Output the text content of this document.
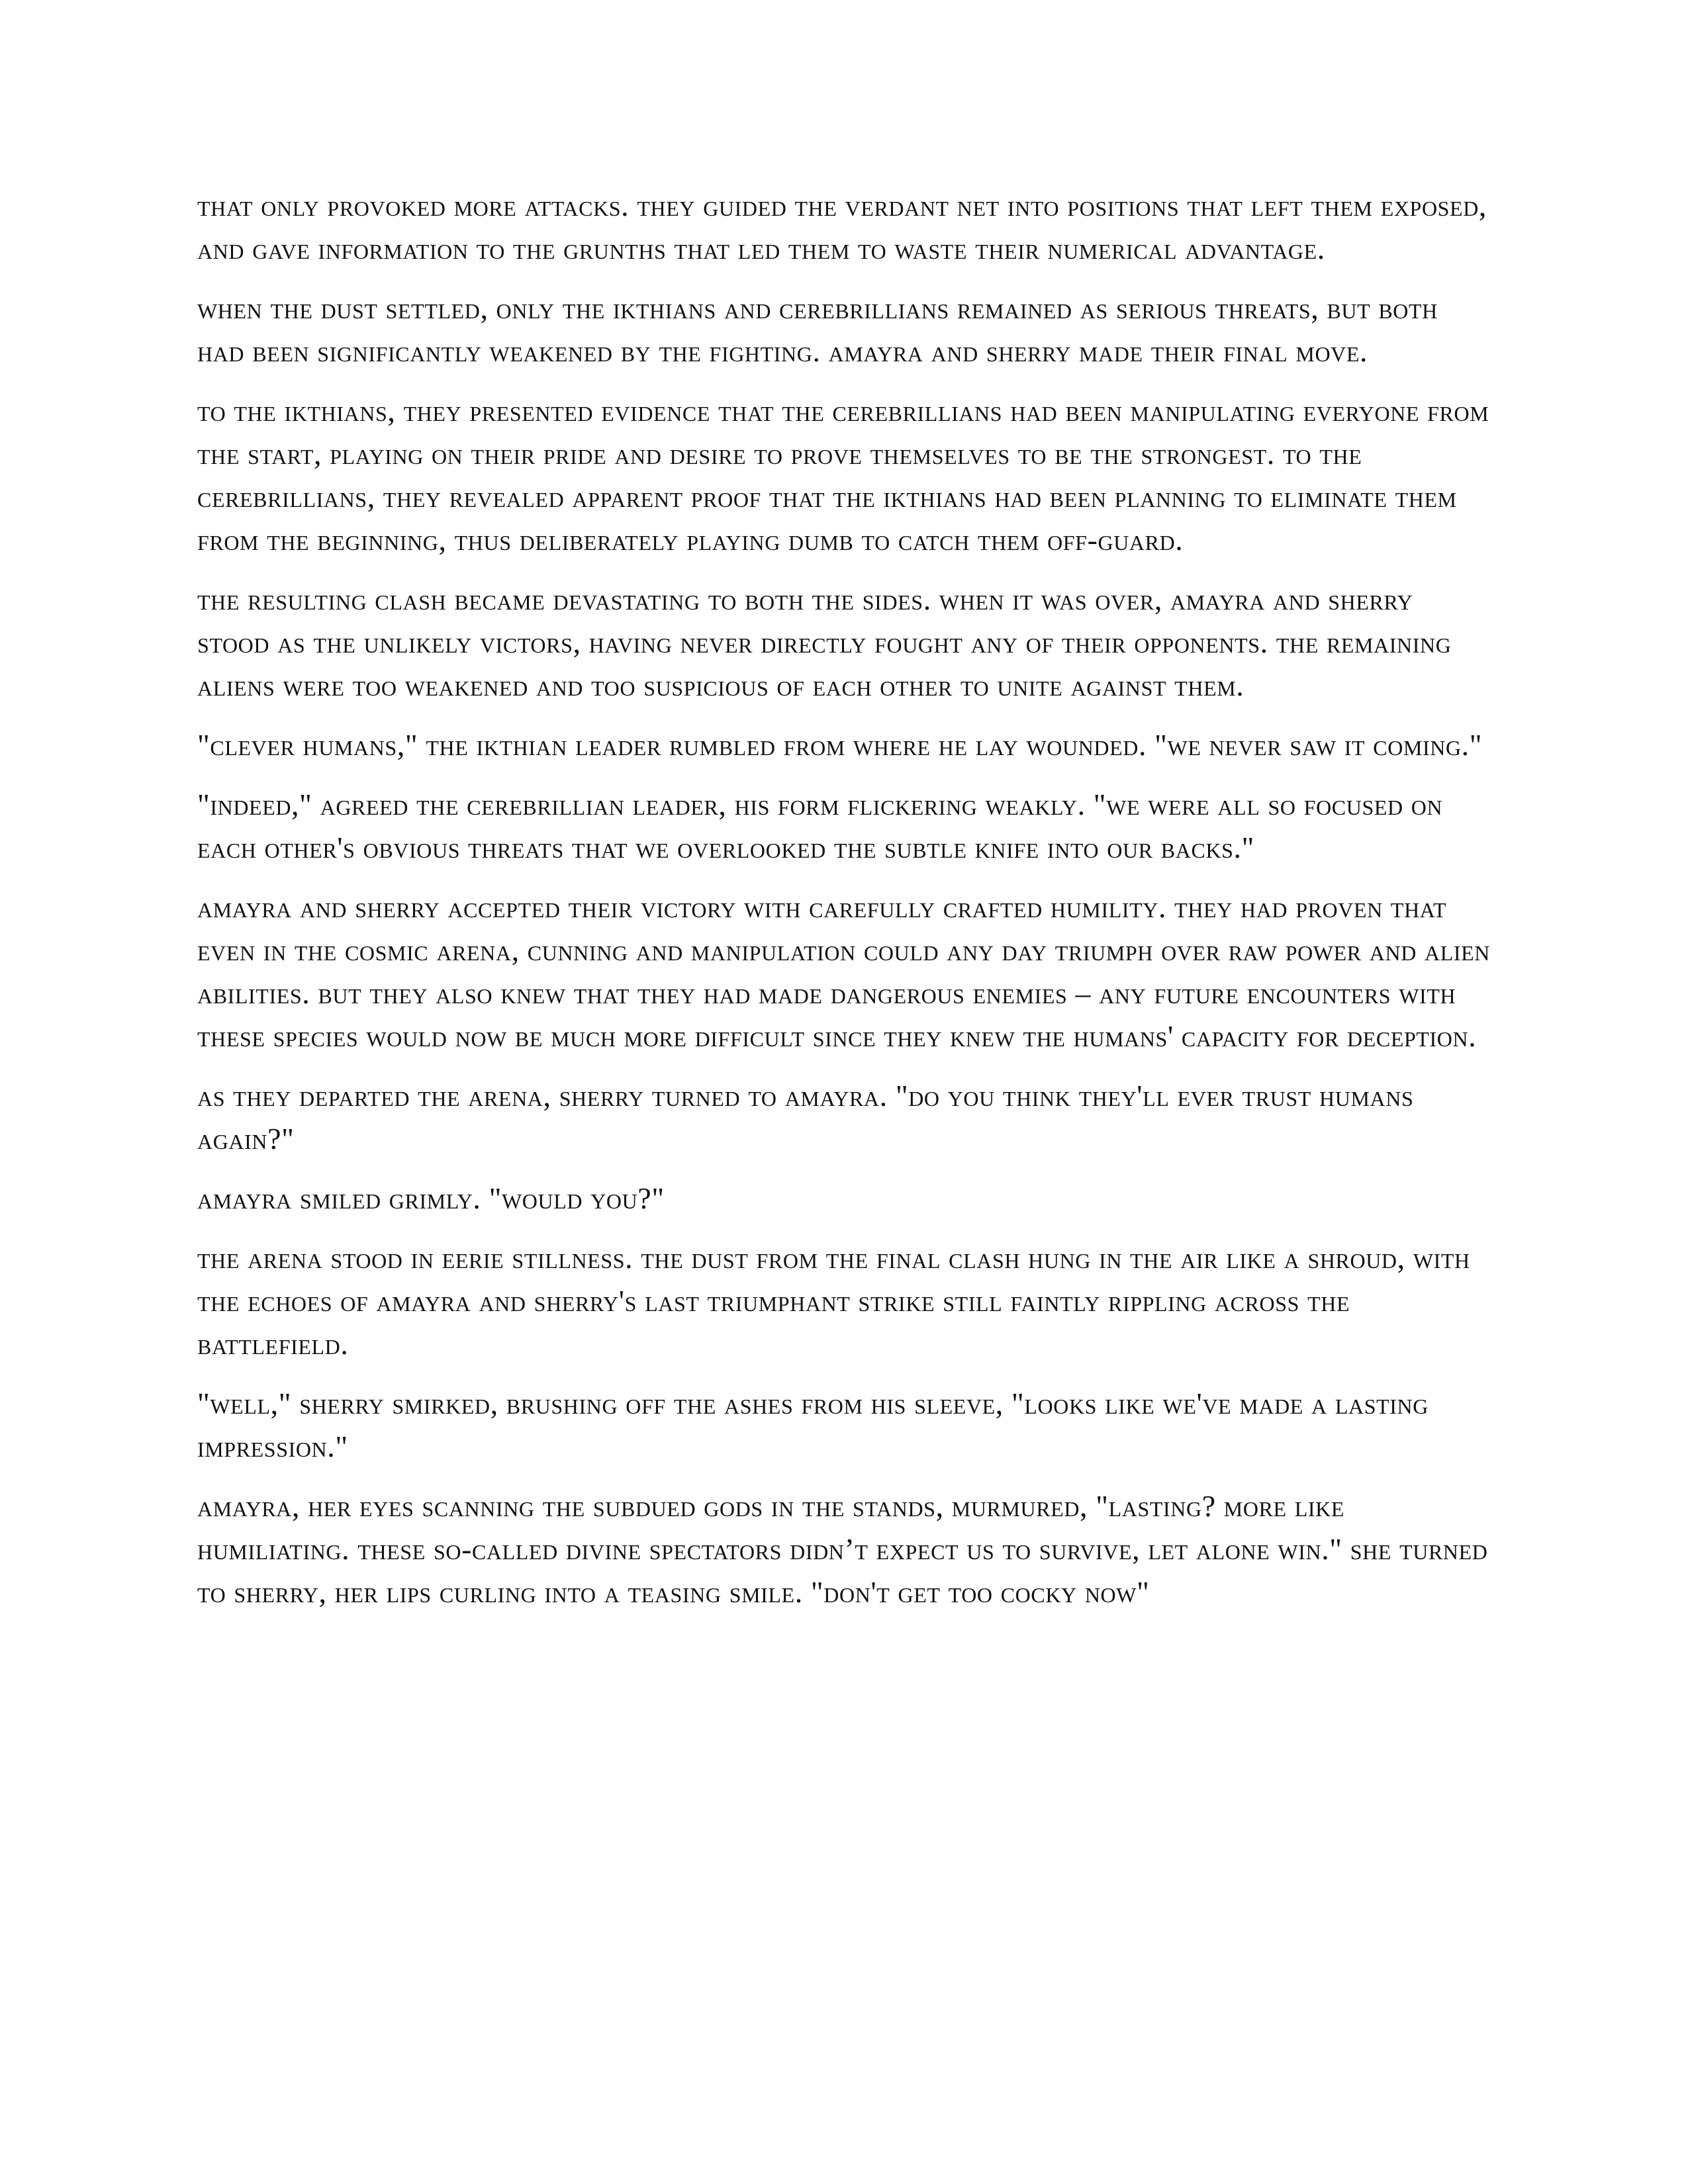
that only provoked more attacks. they guided the verdant net into positions that left them exposed, and gave information to the grunths that led them to waste their numerical advantage.

when the dust settled, only the ikthians and cerebrillians remained as serious threats, but both had been significantly weakened by the fighting. amayra and sherry made their final move.

to the ikthians, they presented evidence that the cerebrillians had been manipulating everyone from the start, playing on their pride and desire to prove themselves to be the strongest. to the cerebrillians, they revealed apparent proof that the ikthians had been planning to eliminate them from the beginning, thus deliberately playing dumb to catch them off-guard.

the resulting clash became devastating to both the sides. when it was over, amayra and sherry stood as the unlikely victors, having never directly fought any of their opponents. the remaining aliens were too weakened and too suspicious of each other to unite against them.

"clever humans," the ikthian leader rumbled from where he lay wounded. "we never saw it coming."

"indeed," agreed the cerebrillian leader, his form flickering weakly. "we were all so focused on each other's obvious threats that we overlooked the subtle knife into our backs."

amayra and sherry accepted their victory with carefully crafted humility. they had proven that even in the cosmic arena, cunning and manipulation could any day triumph over raw power and alien abilities. but they also knew that they had made dangerous enemies – any future encounters with these species would now be much more difficult since they knew the humans' capacity for deception.

as they departed the arena, sherry turned to amayra. "do you think they'll ever trust humans again?"

amayra smiled grimly. "would you?"

the arena stood in eerie stillness. the dust from the final clash hung in the air like a shroud, with the echoes of amayra and sherry's last triumphant strike still faintly rippling across the battlefield.

"well," sherry smirked, brushing off the ashes from his sleeve, "looks like we've made a lasting impression."

amayra, her eyes scanning the subdued gods in the stands, murmured, "lasting? more like humiliating. these so-called divine spectators didn’t expect us to survive, let alone win." she turned to sherry, her lips curling into a teasing smile. "don't get too cocky now"
